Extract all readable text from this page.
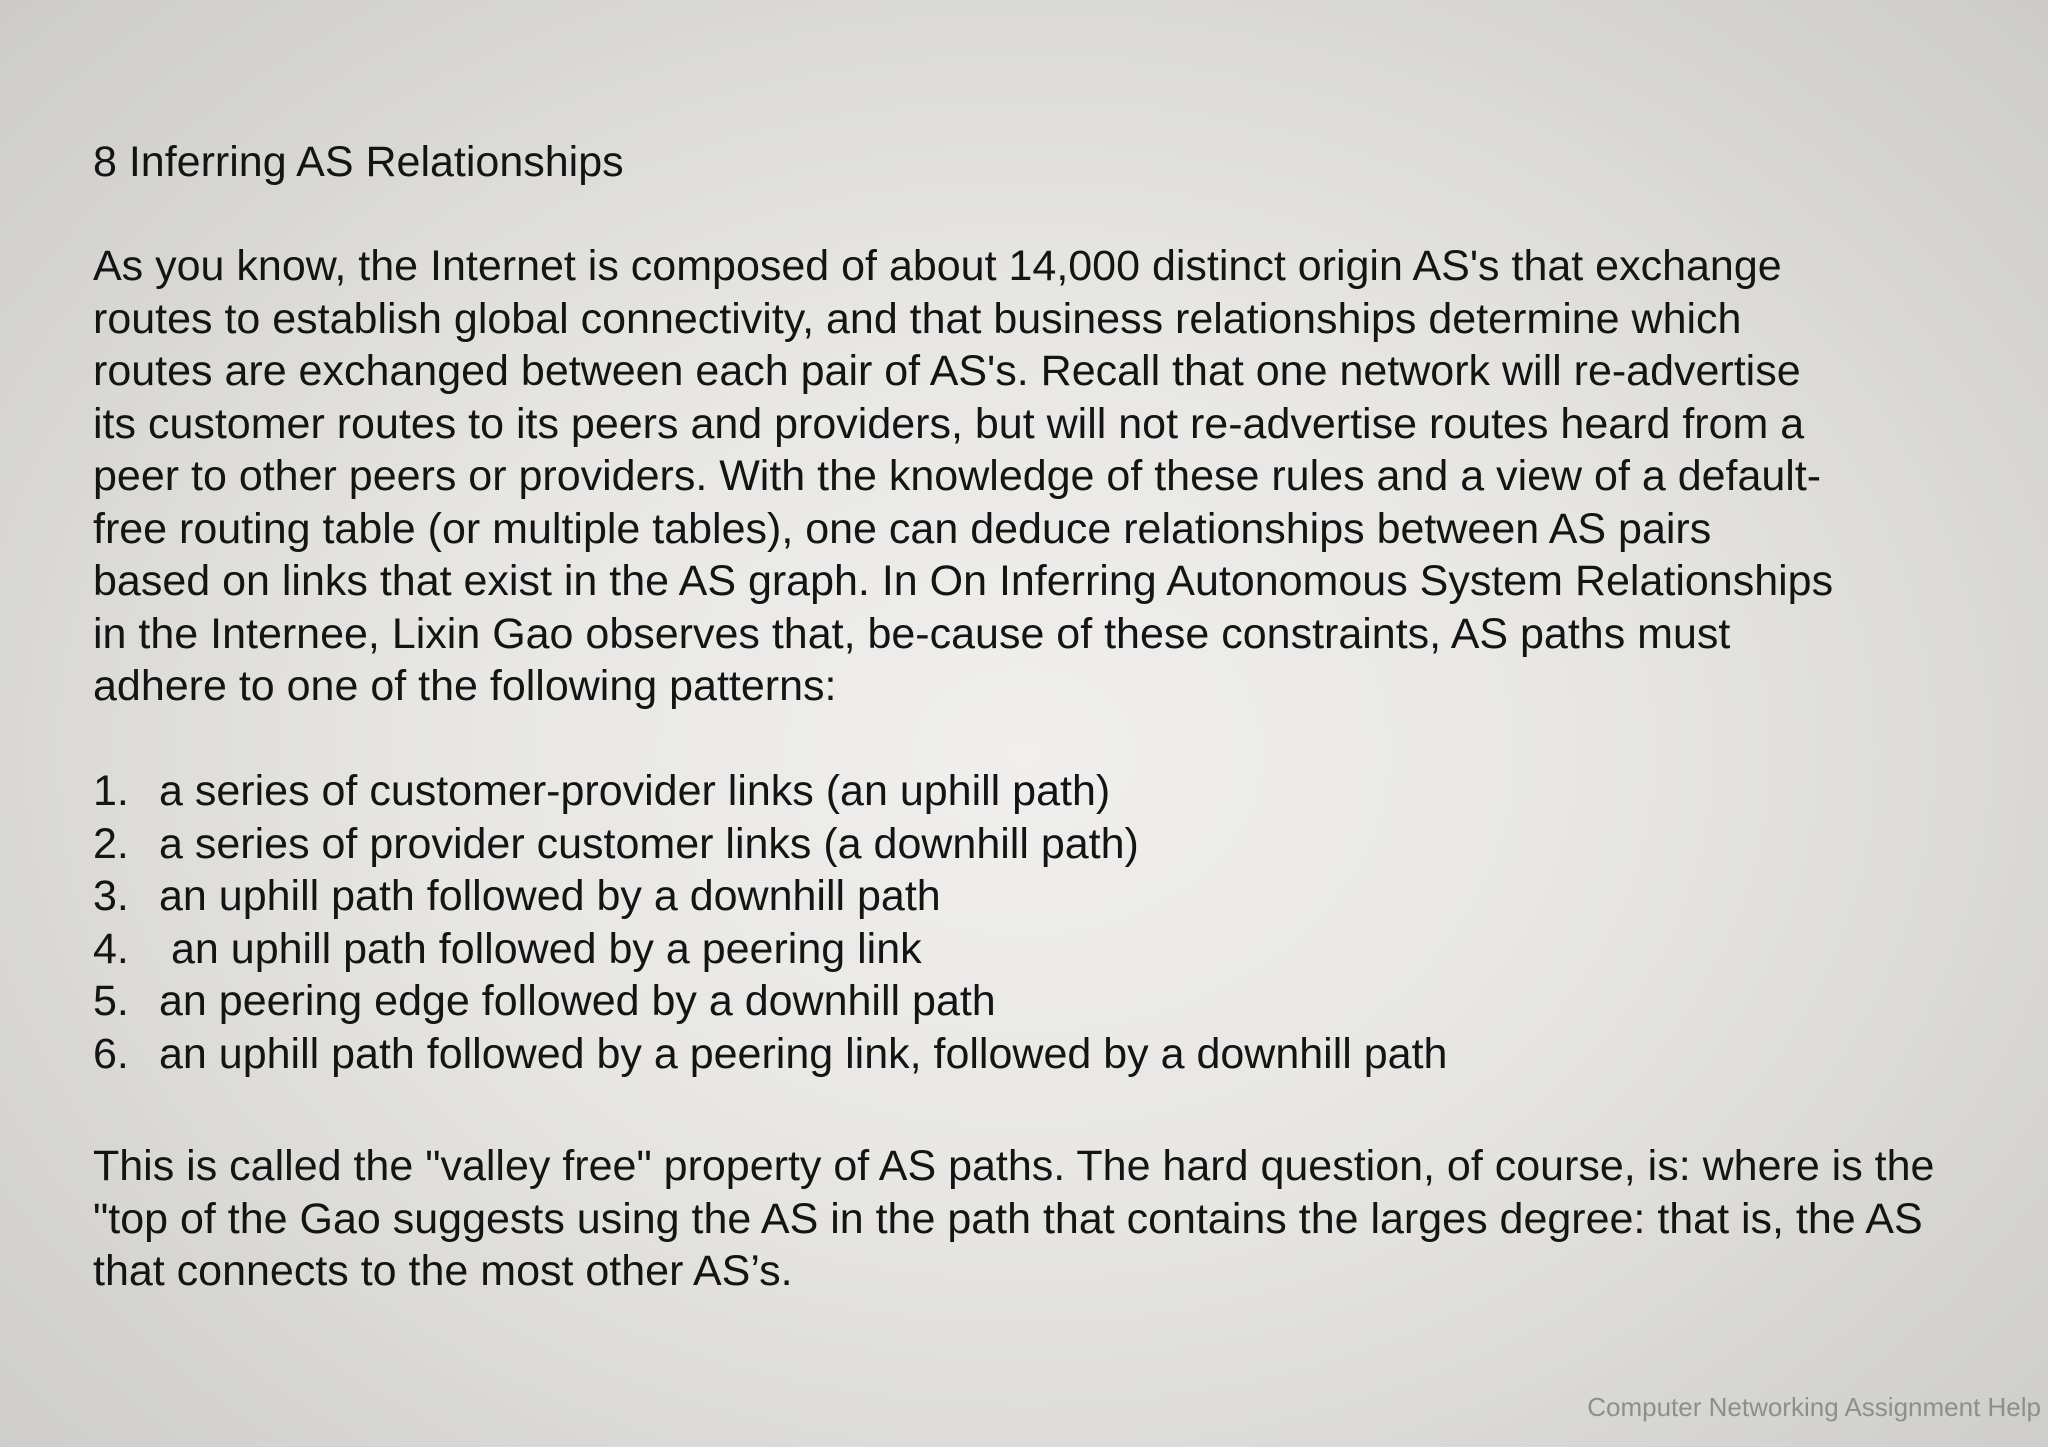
8 Inferring AS Relationships

As you know, the Internet is composed of about 14,000 distinct origin AS's that exchange
routes to establish global connectivity, and that business relationships determine which
routes are exchanged between each pair of AS's. Recall that one network will re-advertise
its customer routes to its peers and providers, but will not re-advertise routes heard from a
peer to other peers or providers. With the knowledge of these rules and a view of a default-
free routing table (or multiple tables), one can deduce relationships between AS pairs
based on links that exist in the AS graph. In On Inferring Autonomous System Relationships
in the Internee, Lixin Gao observes that, be-cause of these constraints, AS paths must
adhere to one of the following patterns:

1. a series of customer-provider links (an uphill path)
2. a series of provider customer links (a downhill path)
3. an uphill path followed by a downhill path
4. an uphill path followed by a peering link
5. an peering edge followed by a downhill path
6. an uphill path followed by a peering link, followed by a downhill path

This is called the "valley free" property of AS paths. The hard question, of course, is: where is the
"top of the Gao suggests using the AS in the path that contains the larges degree: that is, the AS
that connects to the most other AS’s.

Computer Networking Assignment Help
